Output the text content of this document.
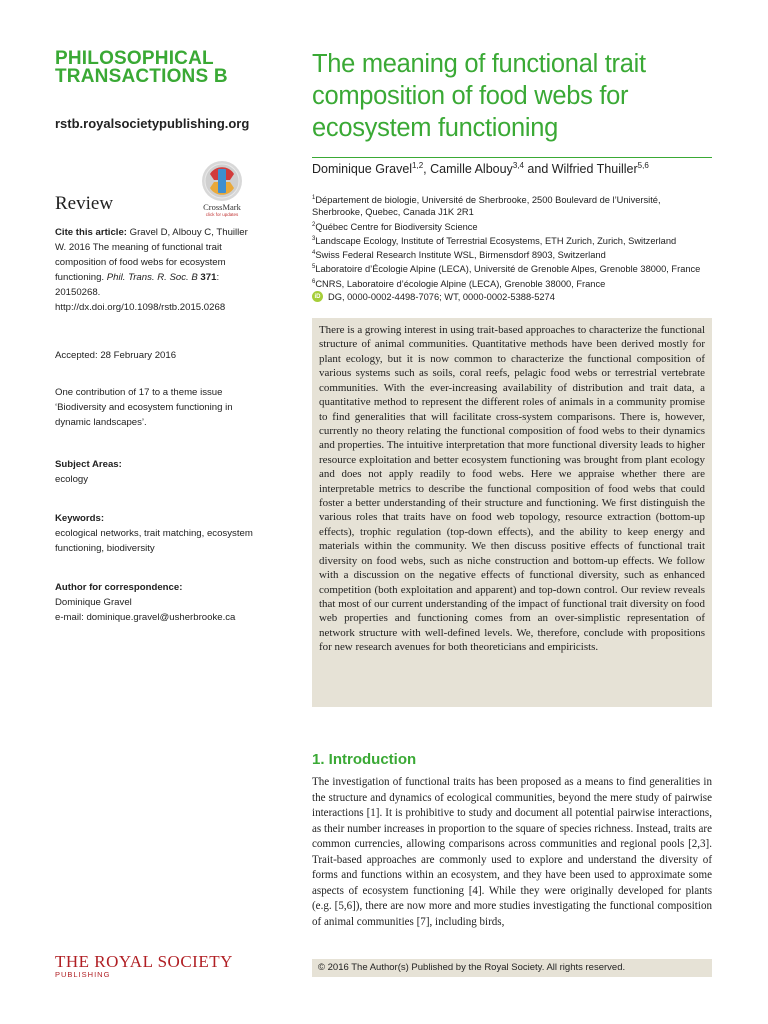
PHILOSOPHICAL
TRANSACTIONS B
rstb.royalsocietypublishing.org
The meaning of functional trait composition of food webs for ecosystem functioning
Dominique Gravel$^{1,2}$, Camille Albouy$^{3,4}$ and Wilfried Thuiller$^{5,6}$
$^1$Département de biologie, Université de Sherbrooke, 2500 Boulevard de l’Université, Sherbrooke, Quebec, Canada J1K 2R1
$^2$Québec Centre for Biodiversity Science
$^3$Landscape Ecology, Institute of Terrestrial Ecosystems, ETH Zurich, Zurich, Switzerland
$^4$Swiss Federal Research Institute WSL, Birmensdorf 8903, Switzerland
$^5$Laboratoire d’Écologie Alpine (LECA), Université de Grenoble Alpes, Grenoble 38000, France
$^6$CNRS, Laboratoire d’écologie Alpine (LECA), Grenoble 38000, France
iD DG, 0000-0002-4498-7076; WT, 0000-0002-5388-5274
Review	CrossMark
click for updates
Cite this article: Gravel D, Albouy C, Thuiller W. 2016 The meaning of functional trait composition of food webs for ecosystem functioning. Phil. Trans. R. Soc. B 371: 20150268.
http://dx.doi.org/10.1098/rstb.2015.0268
Accepted: 28 February 2016
One contribution of 17 to a theme issue ‘Biodiversity and ecosystem functioning in dynamic landscapes’.
Subject Areas:
ecology
Keywords:
ecological networks, trait matching, ecosystem functioning, biodiversity
Author for correspondence:
Dominique Gravel
e-mail: dominique.gravel@usherbrooke.ca

There is a growing interest in using trait-based approaches to characterize the functional structure of animal communities. Quantitative methods have been derived mostly for plant ecology, but it is now common to characterize the functional composition of various systems such as soils, coral reefs, pelagic food webs or terrestrial vertebrate communities. With the ever-increasing availability of distribution and trait data, a quantitative method to represent the different roles of animals in a community promise to find generalities that will facilitate cross-system comparisons. There is, however, currently no theory relating the functional composition of food webs to their dynamics and properties. The intuitive interpretation that more functional diversity leads to higher resource exploitation and better ecosystem functioning was brought from plant ecology and does not apply readily to food webs. Here we appraise whether there are interpretable metrics to describe the functional composition of food webs that could foster a better understanding of their structure and functioning. We first distinguish the various roles that traits have on food web topology, resource extraction (bottom-up effects), trophic regulation (top-down effects), and the ability to keep energy and materials within the community. We then discuss positive effects of functional trait diversity on food webs, such as niche construction and bottom-up effects. We follow with a discussion on the negative effects of functional diversity, such as enhanced competition (both exploitation and apparent) and top-down control. Our review reveals that most of our current understanding of the impact of functional trait diversity on food web properties and functioning comes from an over-simplistic representation of network structure with well-defined levels. We, therefore, conclude with propositions for new research avenues for both theoreticians and empiricists.

1. Introduction

The investigation of functional traits has been proposed as a means to find generalities in the structure and dynamics of ecological communities, beyond the mere study of pairwise interactions [1]. It is prohibitive to study and document all potential pairwise interactions, as their number increases in proportion to the square of species richness. Instead, traits are common currencies, allowing comparisons across communities and regional pools [2,3]. Trait-based approaches are commonly used to explore and understand the diversity of forms and functions within an ecosystem, and they have been used to approximate some aspects of ecosystem functioning [4]. While they were originally developed for plants (e.g. [5,6]), there are now more and more studies investigating the functional composition of animal communities [7], including birds,

THE ROYAL SOCIETY
PUBLISHING
© 2016 The Author(s) Published by the Royal Society. All rights reserved.
